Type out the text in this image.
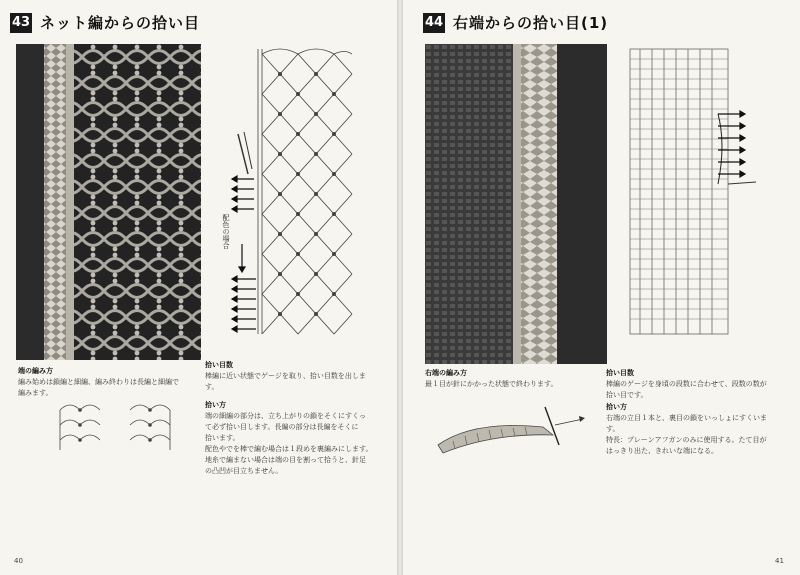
43 ネット編からの拾い目
配色の場合
端の編み方
編み始めは鎖編と細編、編み終わりは長編と細編で
編みます。
拾い目数
棒編に近い状態でゲージを取り、拾い目数を出しま
す。
拾い方
端の細編の部分は、立ち上がりの鎖をそくにすくっ
て必ず拾い目します。長編の部分は長編をそくに
拾います。
配色やでを棒で編む場合は１段めを裏編みにします。
地糸で編まない場合は端の目を割って拾うと、針足
の凸凹が目立ちません。
40
44 右端からの拾い目(1)
右端の編み方
最１目が針にかかった状態で終わります。
拾い目数
棒編のゲージを身頃の段数に合わせて、段数の数が
拾い目です。
拾い方
右端の立目１本と、裏目の鎖をいっしょにすくいま
す。
特長：プレーンアフガンのみに使用する。たて目が
はっきり出た、きれいな端になる。
41
